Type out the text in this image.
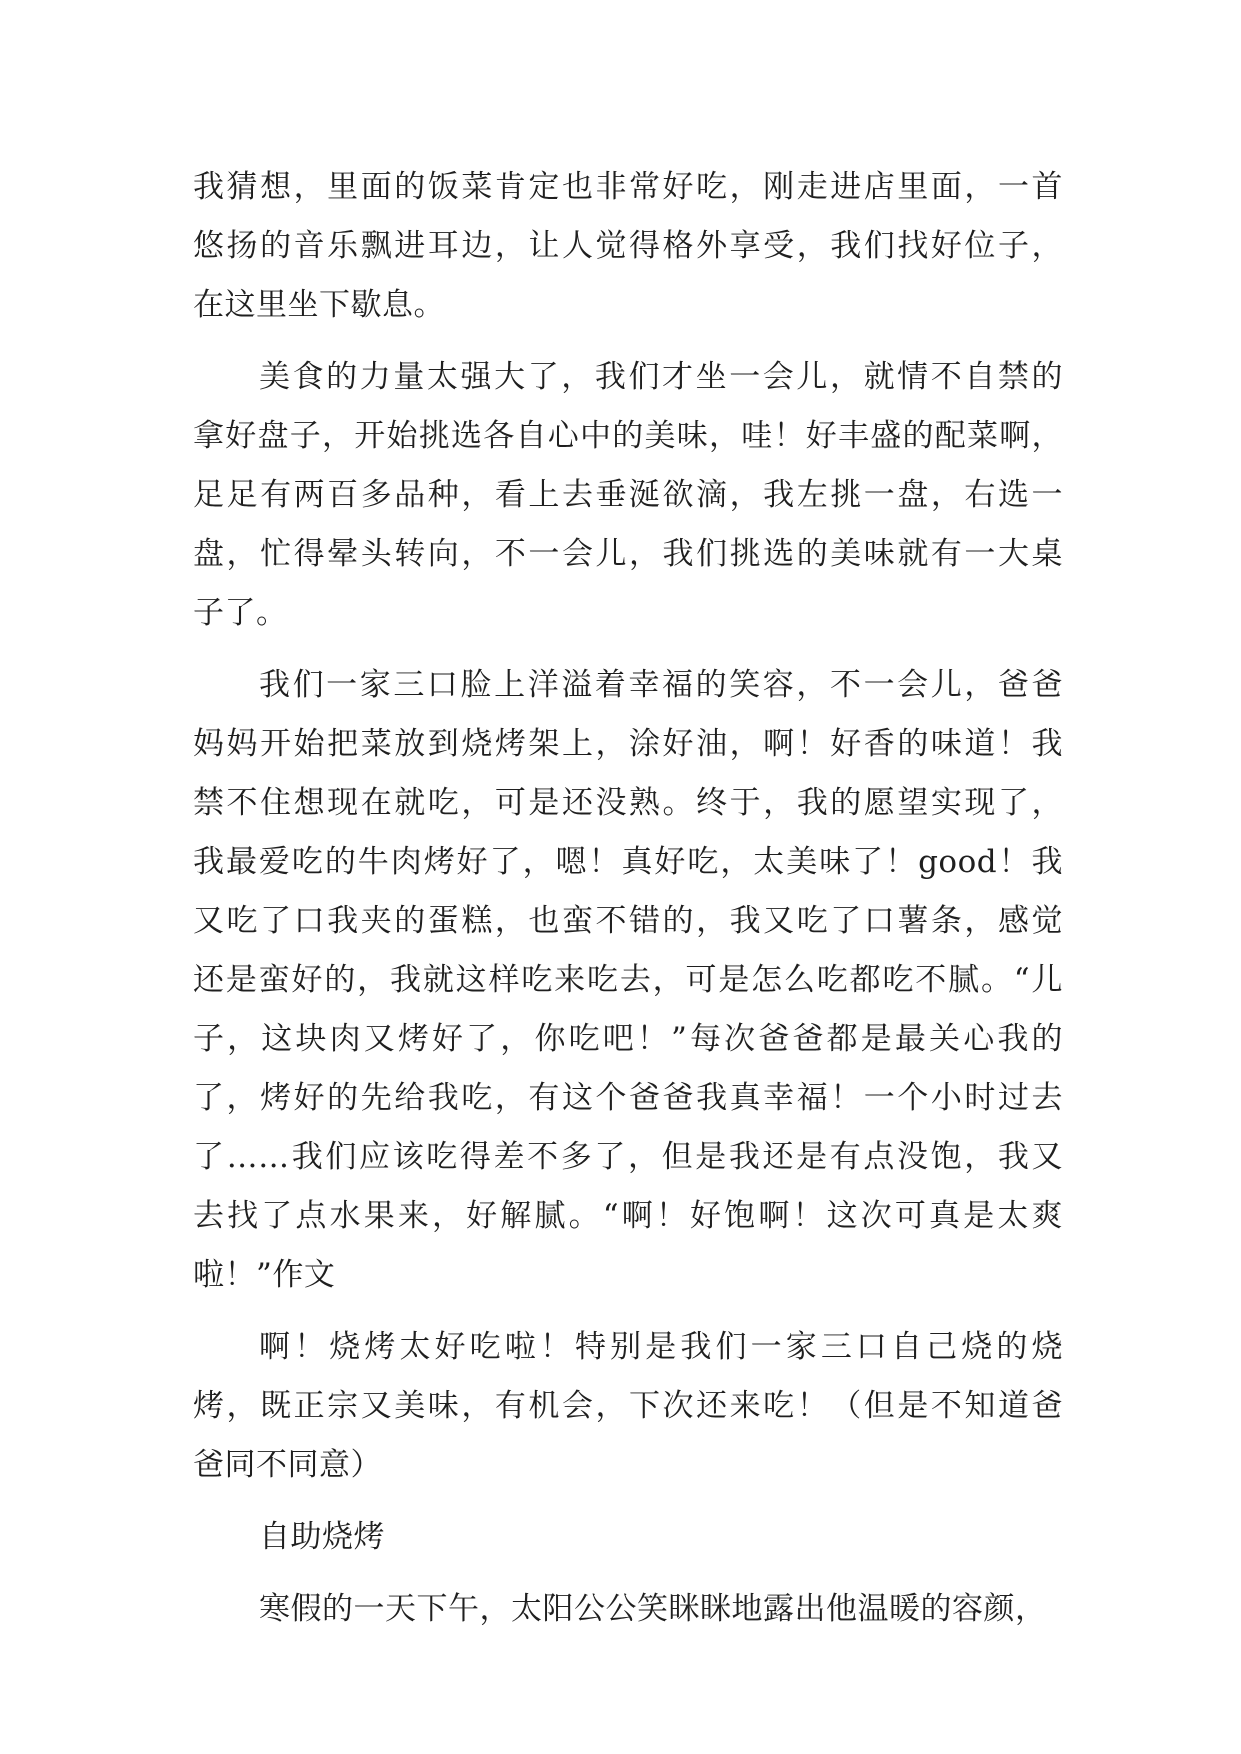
我猜想，里面的饭菜肯定也非常好吃，刚走进店里面，一首
悠扬的音乐飘进耳边，让人觉得格外享受，我们找好位子，
在这里坐下歇息。
美食的力量太强大了，我们才坐一会儿，就情不自禁的
拿好盘子，开始挑选各自心中的美味，哇！好丰盛的配菜啊，
足足有两百多品种，看上去垂涎欲滴，我左挑一盘，右选一
盘，忙得晕头转向，不一会儿，我们挑选的美味就有一大桌
子了。
我们一家三口脸上洋溢着幸福的笑容，不一会儿，爸爸
妈妈开始把菜放到烧烤架上，涂好油，啊！好香的味道！我
禁不住想现在就吃，可是还没熟。终于，我的愿望实现了，
我最爱吃的牛肉烤好了，嗯！真好吃，太美味了！good！我
又吃了口我夹的蛋糕，也蛮不错的，我又吃了口薯条，感觉
还是蛮好的，我就这样吃来吃去，可是怎么吃都吃不腻。“儿
子，这块肉又烤好了，你吃吧！”每次爸爸都是最关心我的
了，烤好的先给我吃，有这个爸爸我真幸福！一个小时过去
了……我们应该吃得差不多了，但是我还是有点没饱，我又
去找了点水果来，好解腻。“啊！好饱啊！这次可真是太爽
啦！”作文
啊！烧烤太好吃啦！特别是我们一家三口自己烧的烧
烤，既正宗又美味，有机会，下次还来吃！（但是不知道爸
爸同不同意）
自助烧烤
寒假的一天下午，太阳公公笑眯眯地露出他温暖的容颜，
